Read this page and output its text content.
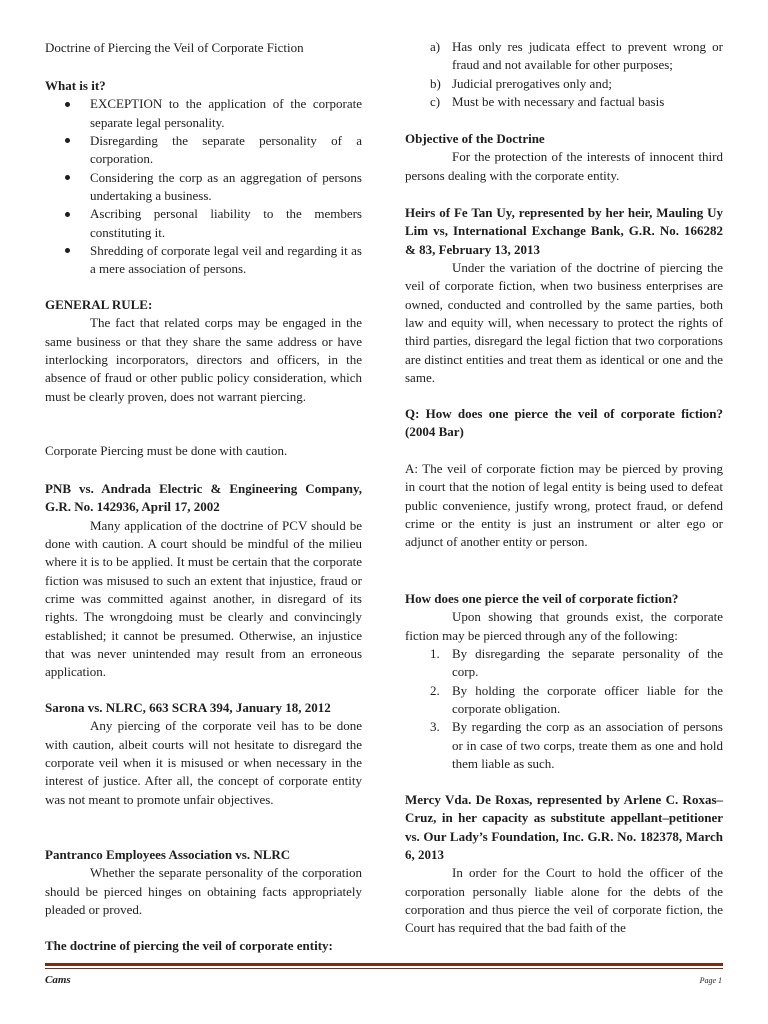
Doctrine of Piercing the Veil of Corporate Fiction

What is it?

EXCEPTION to the application of the corporate separate legal personality.
Disregarding the separate personality of a corporation.
Considering the corp as an aggregation of persons undertaking a business.
Ascribing personal liability to the members constituting it.
Shredding of corporate legal veil and regarding it as a mere association of persons.

GENERAL RULE:

The fact that related corps may be engaged in the same business or that they share the same address or have interlocking incorporators, directors and officers, in the absence of fraud or other public policy consideration, which must be clearly proven, does not warrant piercing.

Corporate Piercing must be done with caution.

PNB vs. Andrada Electric & Engineering Company, G.R. No. 142936, April 17, 2002

Many application of the doctrine of PCV should be done with caution. A court should be mindful of the milieu where it is to be applied. It must be certain that the corporate fiction was misused to such an extent that injustice, fraud or crime was committed against another, in disregard of its rights. The wrongdoing must be clearly and convincingly established; it cannot be presumed. Otherwise, an injustice that was never unintended may result from an erroneous application.

Sarona vs. NLRC, 663 SCRA 394, January 18, 2012

Any piercing of the corporate veil has to be done with caution, albeit courts will not hesitate to disregard the corporate veil when it is misused or when necessary in the interest of justice. After all, the concept of corporate entity was not meant to promote unfair objectives.

Pantranco Employees Association vs. NLRC

Whether the separate personality of the corporation should be pierced hinges on obtaining facts appropriately pleaded or proved.

The doctrine of piercing the veil of corporate entity:

a) Has only res judicata effect to prevent wrong or fraud and not available for other purposes;
b) Judicial prerogatives only and;
c) Must be with necessary and factual basis

Objective of the Doctrine

For the protection of the interests of innocent third persons dealing with the corporate entity.

Heirs of Fe Tan Uy, represented by her heir, Mauling Uy Lim vs, International Exchange Bank, G.R. No. 166282 & 83, February 13, 2013

Under the variation of the doctrine of piercing the veil of corporate fiction, when two business enterprises are owned, conducted and controlled by the same parties, both law and equity will, when necessary to protect the rights of third parties, disregard the legal fiction that two corporations are distinct entities and treat them as identical or one and the same.

Q: How does one pierce the veil of corporate fiction? (2004 Bar)

A: The veil of corporate fiction may be pierced by proving in court that the notion of legal entity is being used to defeat public convenience, justify wrong, protect fraud, or defend crime or the entity is just an instrument or alter ego or adjunct of another entity or person.

How does one pierce the veil of corporate fiction?

Upon showing that grounds exist, the corporate fiction may be pierced through any of the following:

1. By disregarding the separate personality of the corp.
2. By holding the corporate officer liable for the corporate obligation.
3. By regarding the corp as an association of persons or in case of two corps, treate them as one and hold them liable as such.

Mercy Vda. De Roxas, represented by Arlene C. Roxas–Cruz, in her capacity as substitute appellant–petitioner vs. Our Lady’s Foundation, Inc. G.R. No. 182378, March 6, 2013

In order for the Court to hold the officer of the corporation personally liable alone for the debts of the corporation and thus pierce the veil of corporate fiction, the Court has required that the bad faith of the

Cams	Page 1
